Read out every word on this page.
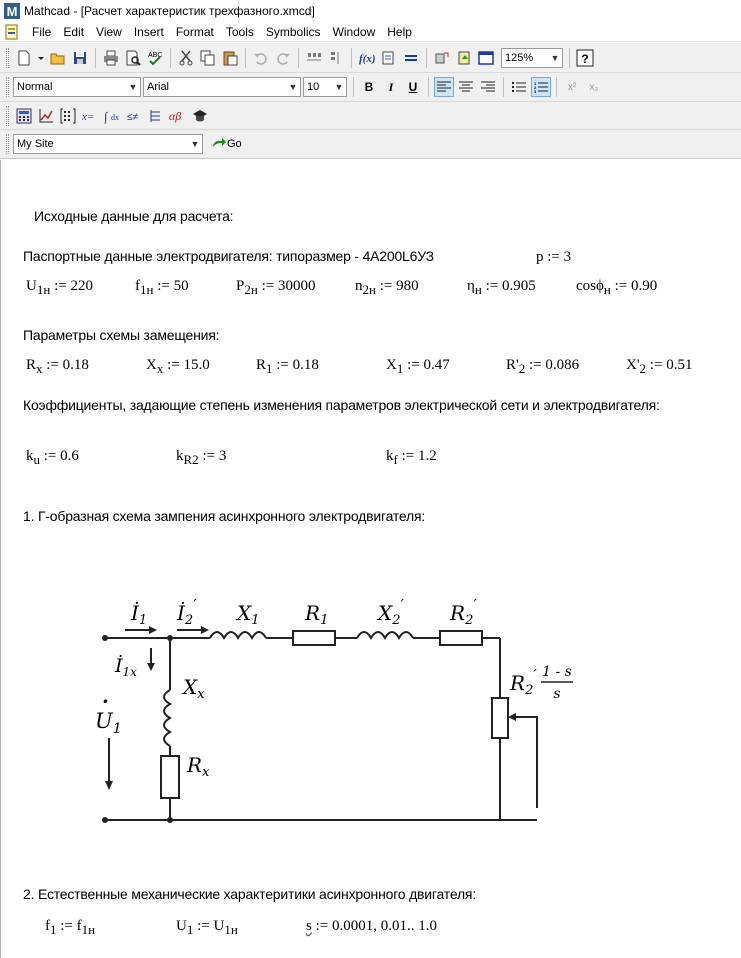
M Mathcad - [Расчет характеристик трехфазного.xmcd]
File	Edit	View	Insert	Format	Tools	Symbolics	Window	Help
ABC	f(x)	125% ▼ ?
Normal	▼ Arial	▼ 10 ▼	B	I	U	1
2
3	x²	x₂
x= ∫ dx ≤≠	αβ
My Site	▼	Go
Исходные данные для расчета:
Паспортные данные электродвигателя: типоразмер - 4А200L6УЗ	p := 3
$U_{1н}$ := 220	$f_{1н}$ := 50	$P_{2н}$ := 30000	$n_{2н}$ := 980	$\eta_н$ := 0.905	cosϕ$_н$ := 0.90
Параметры схемы замещения:
$R_x$ := 0.18	$X_x$ := 15.0	$R_1$ := 0.18	$X_1$ := 0.47	$R'_2$ := 0.086	$X'_2$ := 0.51
Коэффициенты, задающие степень изменения параметров электрической сети и электродвигателя:
$k_u$ := 0.6	$k_{R2}$ := 3	$k_f$ := 1.2
1. Г-образная схема зампения асинхронного электродвигателя:
2. Естественные механические характеритики асинхронного двигателя:
$f_1$ := $f_{1н}$	$U_1$ := $U_{1н}$	s := 0.0001, 0.01.. 1.0
$İ_1$ $İ_2'$ $X_1$ $R_1$ $X_2'$ $R_2'$
$İ_{1x}$
$X_x$
$R_x$
$U_1$
·
$R_2'$ 1 - s
s
